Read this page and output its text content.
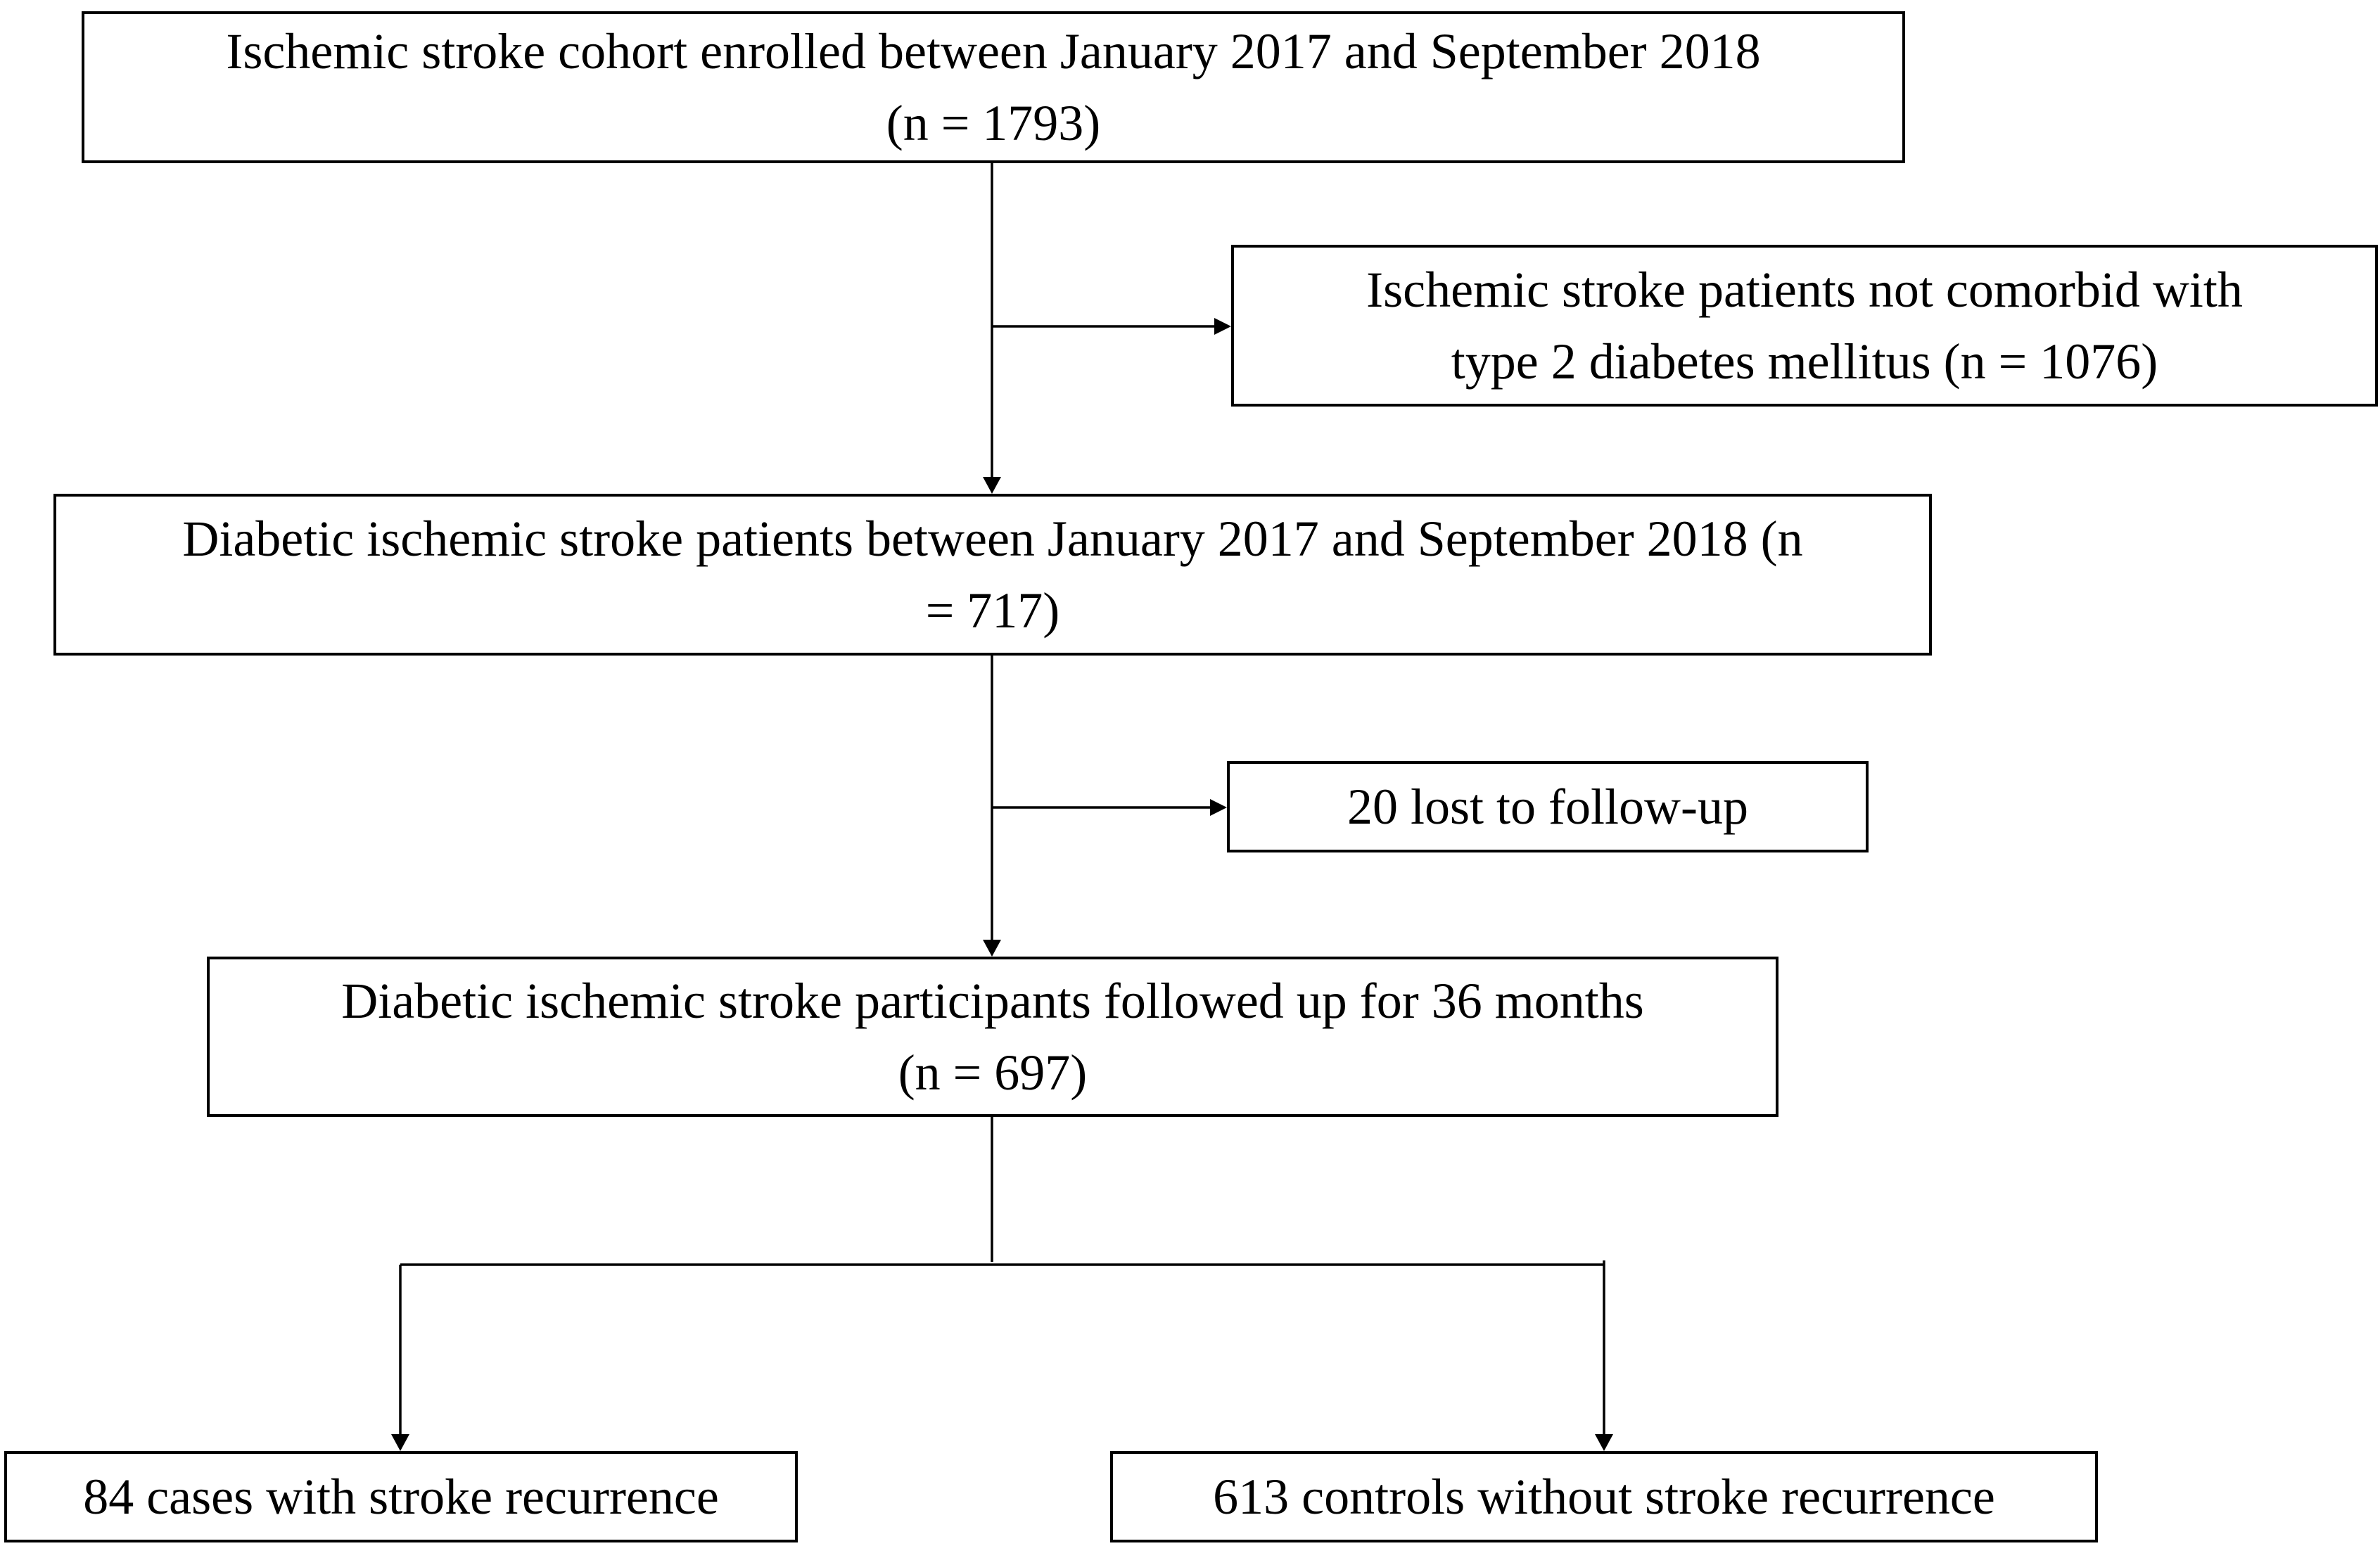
Ischemic stroke cohort enrolled between January 2017 and September 2018
(n = 1793)
Ischemic stroke patients not comorbid with
type 2 diabetes mellitus (n = 1076)
Diabetic ischemic stroke patients between January 2017 and September 2018 (n
= 717)
20 lost to follow-up
Diabetic ischemic stroke participants followed up for 36 months
(n = 697)
84 cases with stroke recurrence	613 controls without stroke recurrence
